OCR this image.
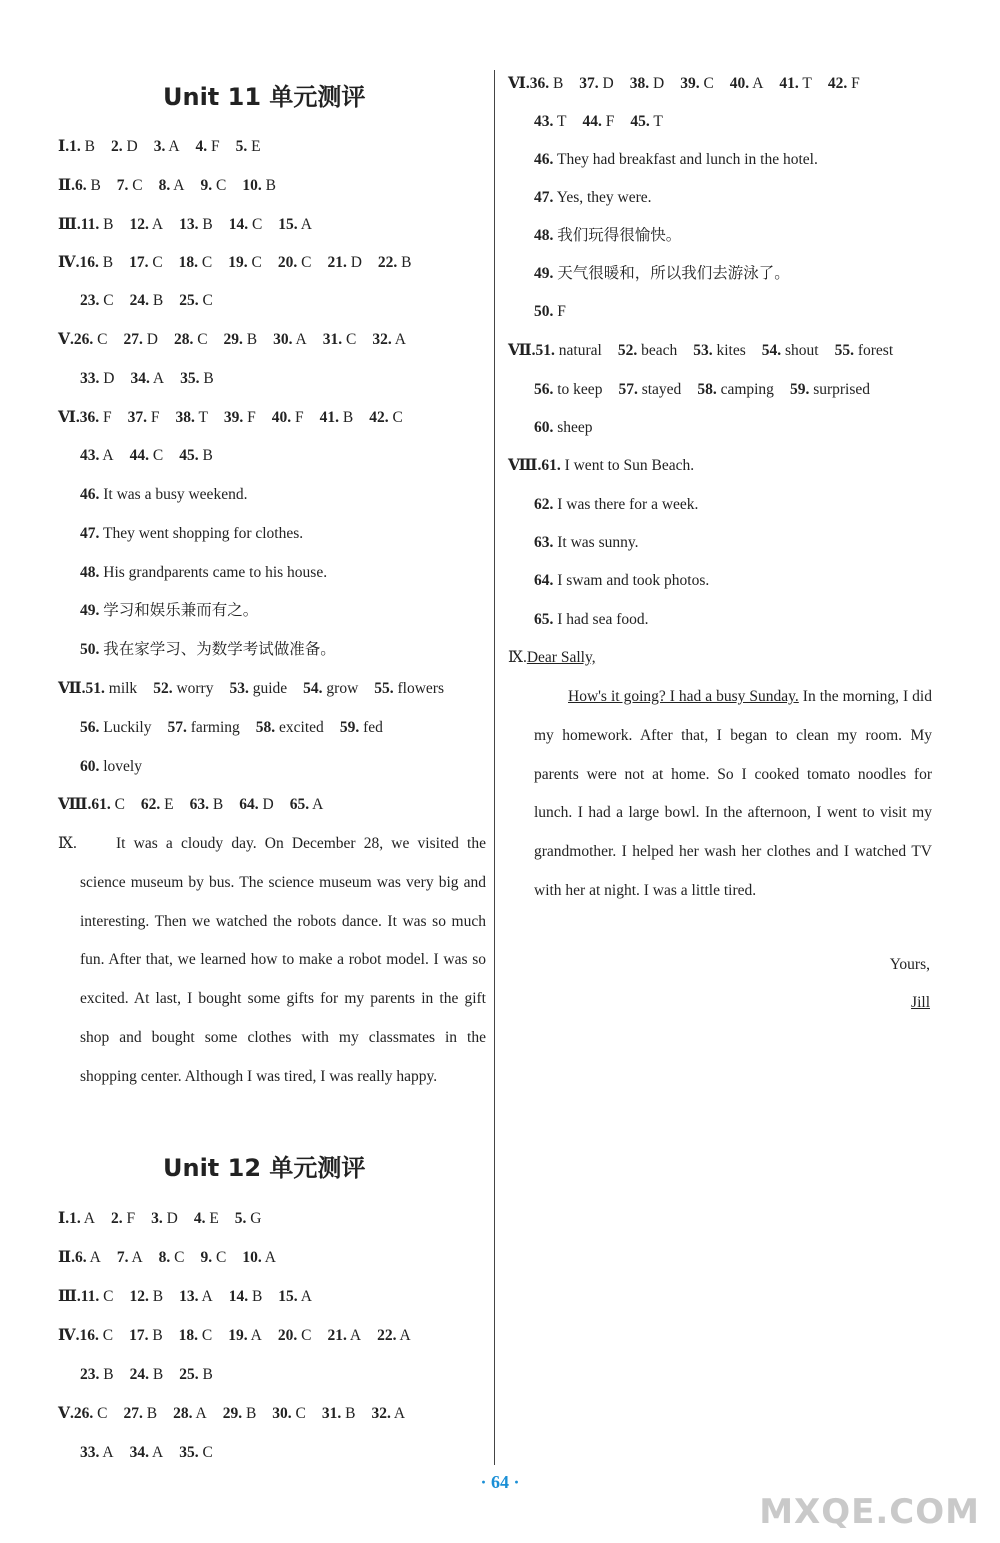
Unit 11 单元测评
Ⅰ.1. B 2. D 3. A 4. F 5. E
Ⅱ.6. B 7. C 8. A 9. C 10. B
Ⅲ.11. B 12. A 13. B 14. C 15. A
Ⅳ.16. B 17. C 18. C 19. C 20. C 21. D 22. B
23. C 24. B 25. C
Ⅴ.26. C 27. D 28. C 29. B 30. A 31. C 32. A
33. D 34. A 35. B
Ⅵ.36. F 37. F 38. T 39. F 40. F 41. B 42. C
43. A 44. C 45. B
46. It was a busy weekend.
47. They went shopping for clothes.
48. His grandparents came to his house.
49. 学习和娱乐兼而有之。
50. 我在家学习、为数学考试做准备。
Ⅶ.51. milk 52. worry 53. guide 54. grow 55. flowers
56. Luckily 57. farming 58. excited 59. fed
60. lovely
Ⅷ.61. C 62. E 63. B 64. D 65. A
Ⅸ.	It was a cloudy day. On December 28, we visited the science museum by bus. The science museum was very big and interesting. Then we watched the robots dance. It was so much fun. After that, we learned how to make a robot model. I was so excited. At last, I bought some gifts for my parents in the gift shop and bought some clothes with my classmates in the shopping center. Although I was tired, I was really happy.
Unit 12 单元测评
Ⅰ.1. A 2. F 3. D 4. E 5. G
Ⅱ.6. A 7. A 8. C 9. C 10. A
Ⅲ.11. C 12. B 13. A 14. B 15. A
Ⅳ.16. C 17. B 18. C 19. A 20. C 21. A 22. A
23. B 24. B 25. B
Ⅴ.26. C 27. B 28. A 29. B 30. C 31. B 32. A
33. A 34. A 35. C
Ⅵ.36. B 37. D 38. D 39. C 40. A 41. T 42. F
43. T 44. F 45. T
46. They had breakfast and lunch in the hotel.
47. Yes, they were.
48. 我们玩得很愉快。
49. 天气很暖和，所以我们去游泳了。
50. F
Ⅶ.51. natural 52. beach 53. kites 54. shout 55. forest
56. to keep 57. stayed 58. camping 59. surprised
60. sheep
Ⅷ.61. I went to Sun Beach.
62. I was there for a week.
63. It was sunny.
64. I swam and took photos.
65. I had sea food.
Ⅸ.Dear Sally,
How's it going? I had a busy Sunday. In the morning, I did my homework. After that, I began to clean my room. My parents were not at home. So I cooked tomato noodles for lunch. I had a large bowl. In the afternoon, I went to visit my grandmother. I helped her wash her clothes and I watched TV with her at night. I was a little tired.
Yours,
Jill
· 64 ·
MXQE.COM
